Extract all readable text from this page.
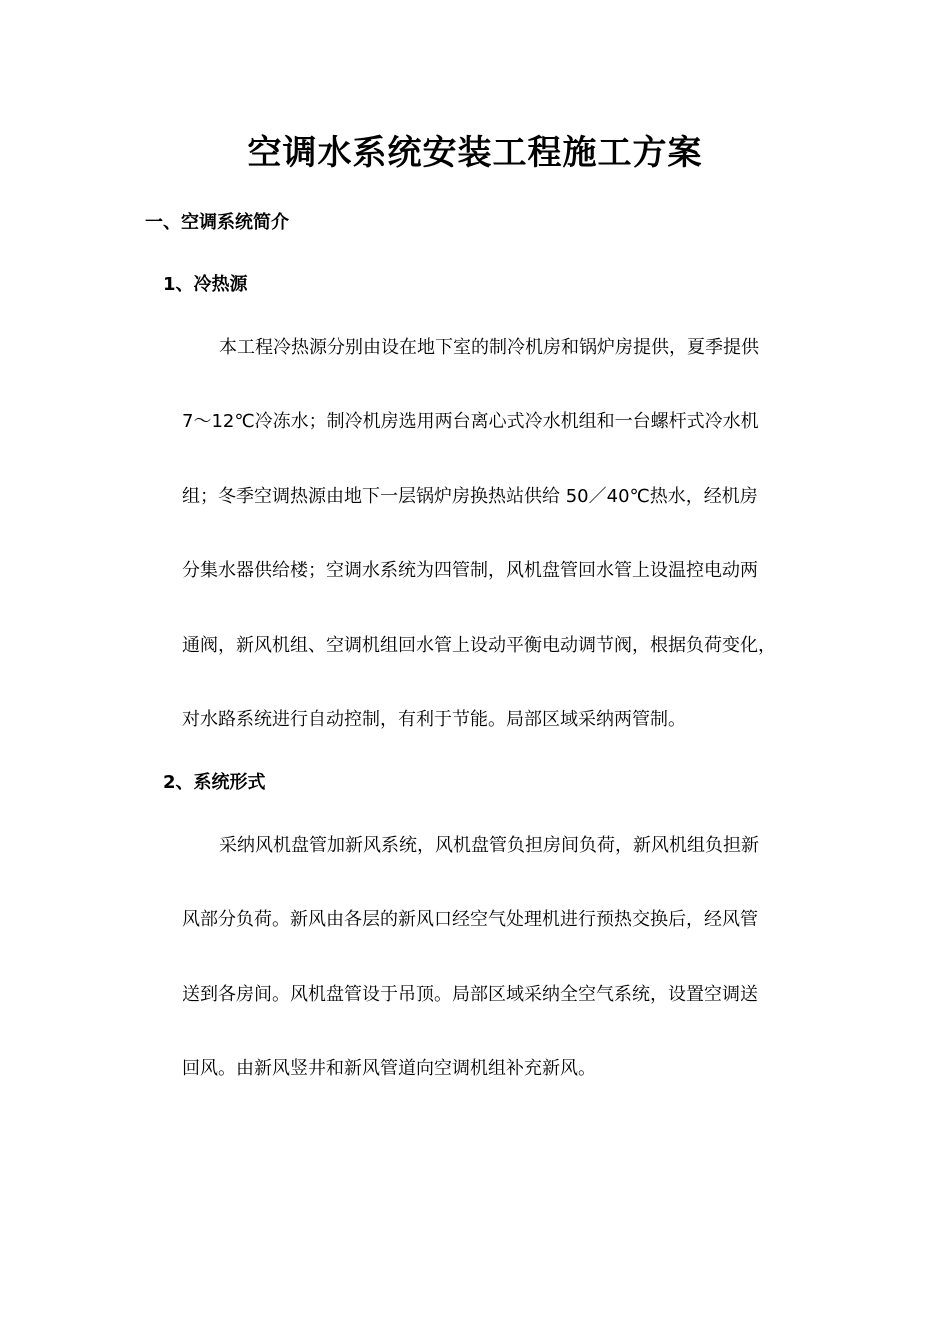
空调水系统安装工程施工方案
一、空调系统简介
1、冷热源

本工程冷热源分别由设在地下室的制冷机房和锅炉房提供，夏季提供

7～12℃冷冻水；制冷机房选用两台离心式冷水机组和一台螺杆式冷水机

组；冬季空调热源由地下一层锅炉房换热站供给 50／40℃热水，经机房

分集水器供给楼；空调水系统为四管制，风机盘管回水管上设温控电动两

通阀，新风机组、空调机组回水管上设动平衡电动调节阀，根据负荷变化，

对水路系统进行自动控制，有利于节能。局部区域采纳两管制。

2、系统形式

采纳风机盘管加新风系统，风机盘管负担房间负荷，新风机组负担新

风部分负荷。新风由各层的新风口经空气处理机进行预热交换后，经风管

送到各房间。风机盘管设于吊顶。局部区域采纳全空气系统，设置空调送

回风。由新风竖井和新风管道向空调机组补充新风。
